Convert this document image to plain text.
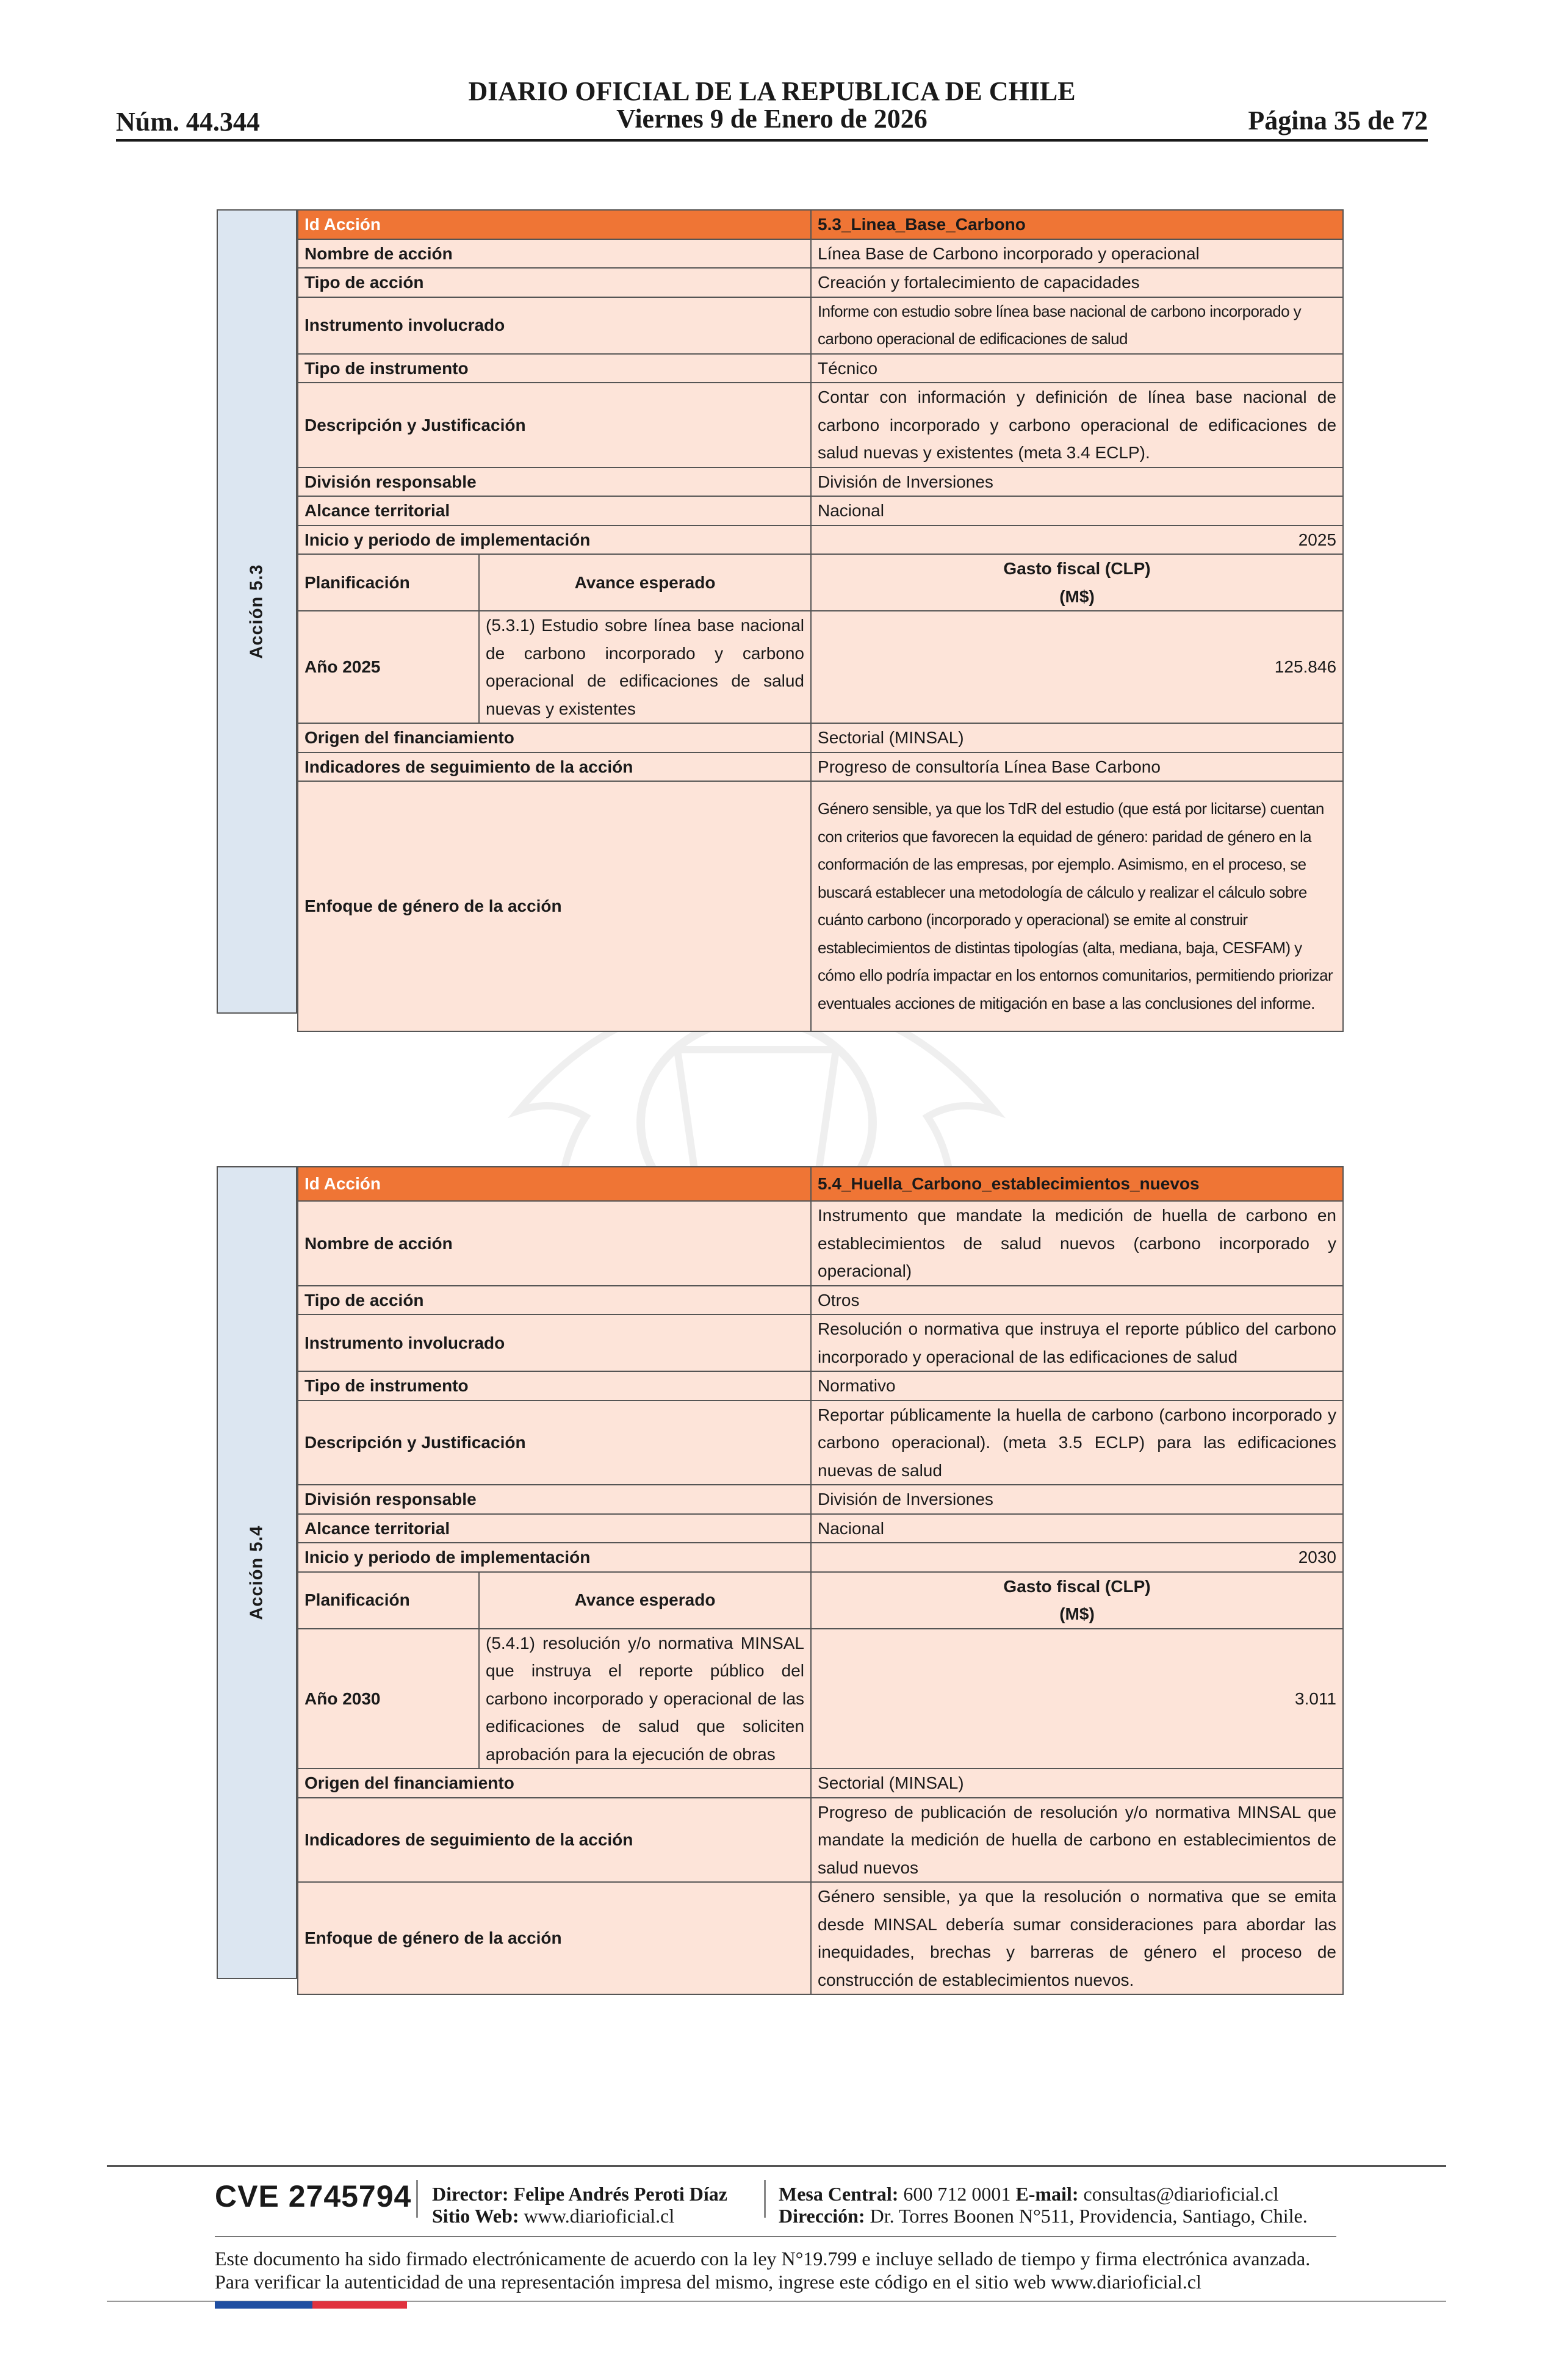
DIARIO OFICIAL DE LA REPUBLICA DE CHILE
Viernes 9 de Enero de 2026
Núm. 44.344	Página 35 de 72
Acción 5.3
Id Acción		5.3_Linea_Base_Carbono
Nombre de acción		Línea Base de Carbono incorporado y operacional
Tipo de acción		Creación y fortalecimiento de capacidades
Instrumento involucrado		Informe con estudio sobre línea base nacional de carbono incorporado y carbono operacional de edificaciones de salud
Tipo de instrumento		Técnico
Descripción y Justificación		Contar con información y definición de línea base nacional de carbono incorporado y carbono operacional de edificaciones de salud nuevas y existentes (meta 3.4 ECLP).
División responsable		División de Inversiones
Alcance territorial		Nacional
Inicio y periodo de implementación		2025
Planificación	Avance esperado	Gasto fiscal (CLP)
(M$)

Año 2025	(5.3.1) Estudio sobre línea base nacional de carbono incorporado y carbono operacional de edificaciones de salud nuevas y existentes	125.846
Origen del financiamiento		Sectorial (MINSAL)
Indicadores de seguimiento de la acción		Progreso de consultoría Línea Base Carbono
Enfoque de género de la acción		Género sensible, ya que los TdR del estudio (que está por licitarse) cuentan con criterios que favorecen la equidad de género: paridad de género en la conformación de las empresas, por ejemplo. Asimismo, en el proceso, se buscará establecer una metodología de cálculo y realizar el cálculo sobre cuánto carbono (incorporado y operacional) se emite al construir establecimientos de distintas tipologías (alta, mediana, baja, CESFAM) y cómo ello podría impactar en los entornos comunitarios, permitiendo priorizar eventuales acciones de mitigación en base a las conclusiones del informe.
Acción 5.4
Id Acción		5.4_Huella_Carbono_establecimientos_nuevos
Nombre de acción		Instrumento que mandate la medición de huella de carbono en establecimientos de salud nuevos (carbono incorporado y operacional)
Tipo de acción		Otros
Instrumento involucrado		Resolución o normativa que instruya el reporte público del carbono incorporado y operacional de las edificaciones de salud
Tipo de instrumento		Normativo
Descripción y Justificación		Reportar públicamente la huella de carbono (carbono incorporado y carbono operacional). (meta 3.5 ECLP) para las edificaciones nuevas de salud
División responsable		División de Inversiones
Alcance territorial		Nacional
Inicio y periodo de implementación		2030
Planificación	Avance esperado	Gasto fiscal (CLP)
(M$)

Año 2030	(5.4.1) resolución y/o normativa MINSAL que instruya el reporte público del carbono incorporado y operacional de las edificaciones de salud que soliciten aprobación para la ejecución de obras	3.011
Origen del financiamiento		Sectorial (MINSAL)
Indicadores de seguimiento de la acción		Progreso de publicación de resolución y/o normativa MINSAL que mandate la medición de huella de carbono en establecimientos de salud nuevos
Enfoque de género de la acción		Género sensible, ya que la resolución o normativa que se emita desde MINSAL debería sumar consideraciones para abordar las inequidades, brechas y barreras de género el proceso de construcción de establecimientos nuevos.
CVE 2745794 Director: Felipe Andrés Peroti Díaz
Sitio Web: www.diarioficial.cl
Mesa Central: 600 712 0001 E-mail: consultas@diarioficial.cl
Dirección: Dr. Torres Boonen N°511, Providencia, Santiago, Chile.
Este documento ha sido firmado electrónicamente de acuerdo con la ley N°19.799 e incluye sellado de tiempo y firma electrónica avanzada. Para verificar la autenticidad de una representación impresa del mismo, ingrese este código en el sitio web www.diarioficial.cl
